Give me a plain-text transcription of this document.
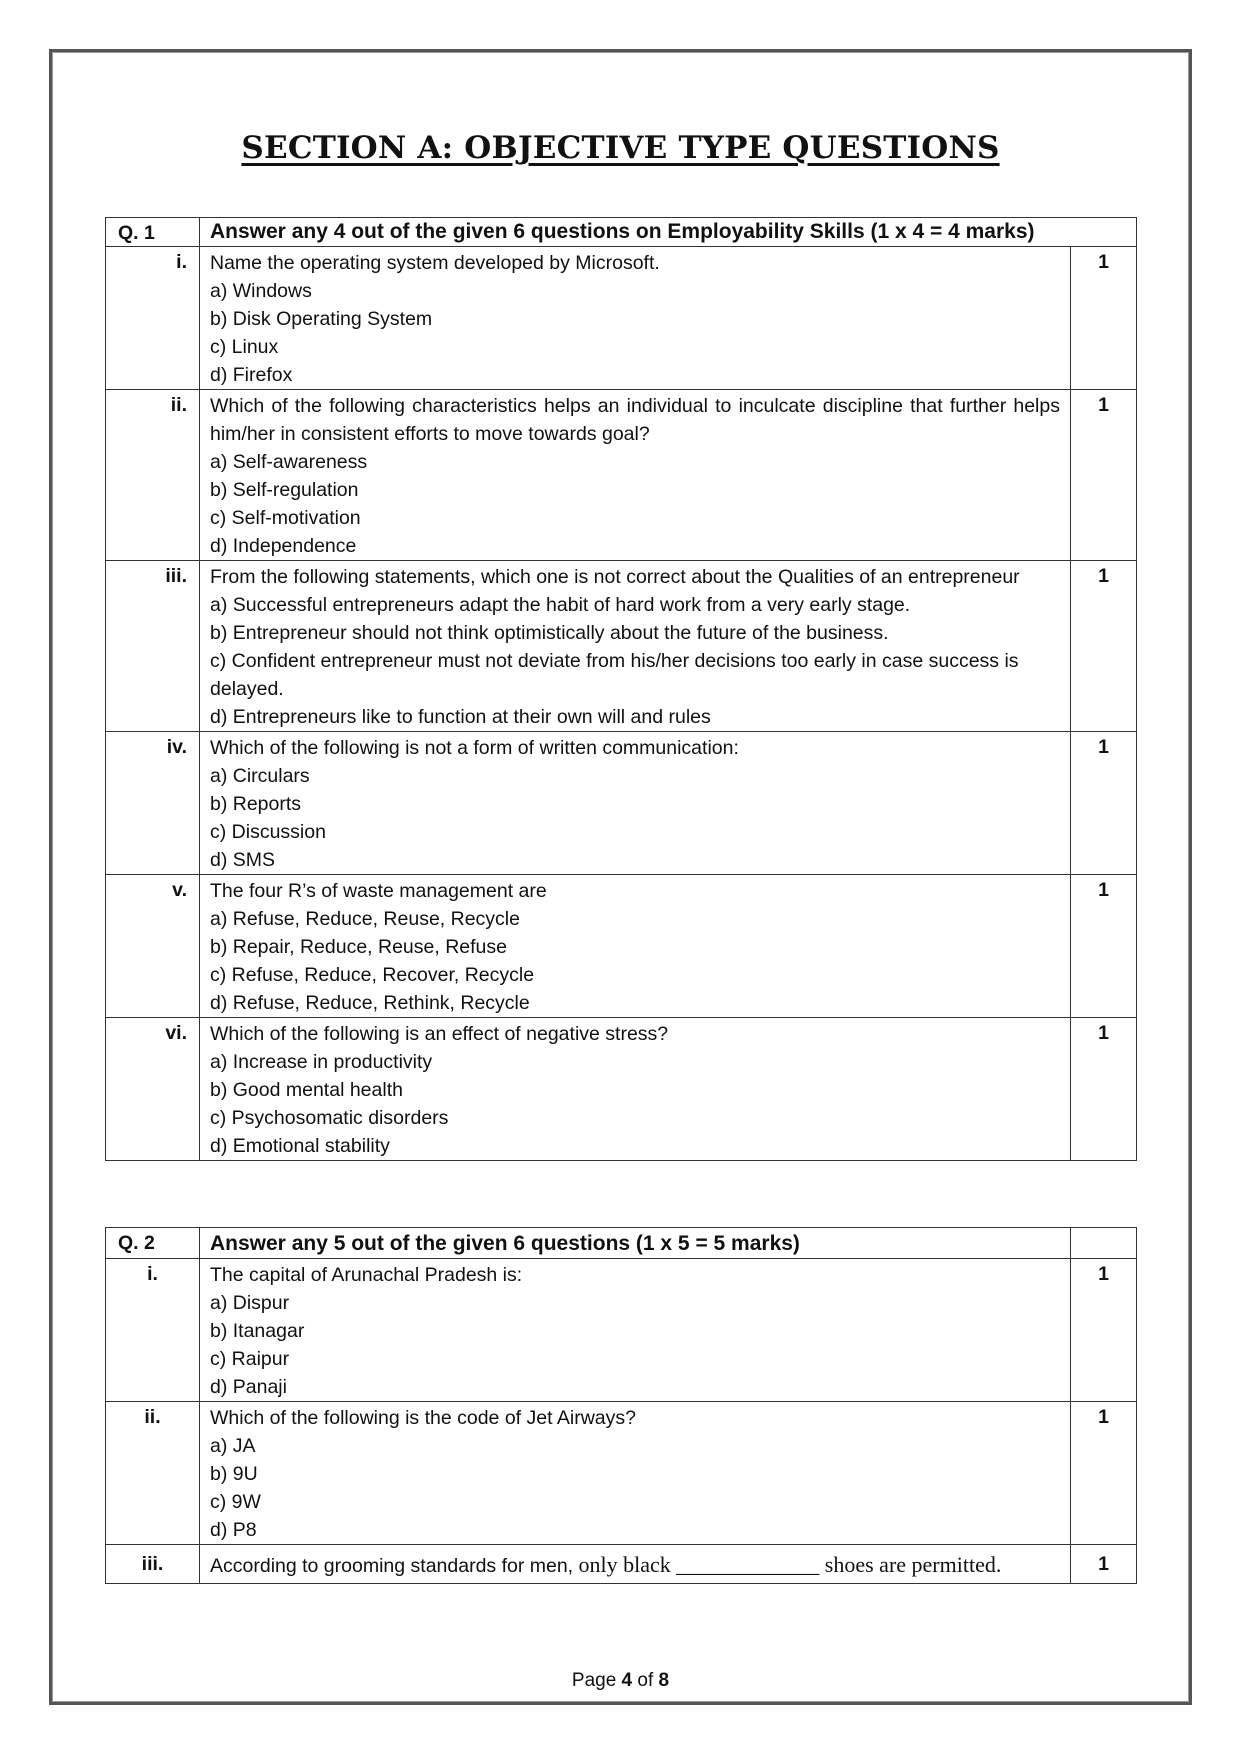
SECTION A: OBJECTIVE TYPE QUESTIONS
Q. 1	Answer any 4 out of the given 6 questions on Employability Skills (1 x 4 = 4 marks)	

i.	Name the operating system developed by Microsoft.
a) Windows
b) Disk Operating System
c) Linux
d) Firefox	1
ii.	Which of the following characteristics helps an individual to inculcate discipline that further helps him/her in consistent efforts to move towards goal?
a) Self-awareness
b) Self-regulation
c) Self-motivation
d) Independence	1
iii.	From the following statements, which one is not correct about the Qualities of an entrepreneur
a) Successful entrepreneurs adapt the habit of hard work from a very early stage.
b) Entrepreneur should not think optimistically about the future of the business.
c) Confident entrepreneur must not deviate from his/her decisions too early in case success is delayed.
d) Entrepreneurs like to function at their own will and rules	1
iv.	Which of the following is not a form of written communication:
a) Circulars
b) Reports
c) Discussion
d) SMS	1
v.	The four R’s of waste management are
a) Refuse, Reduce, Reuse, Recycle
b) Repair, Reduce, Reuse, Refuse
c) Refuse, Reduce, Recover, Recycle
d) Refuse, Reduce, Rethink, Recycle	1
vi.	Which of the following is an effect of negative stress?
a) Increase in productivity
b) Good mental health
c) Psychosomatic disorders
d) Emotional stability	1
Q. 2	Answer any 5 out of the given 6 questions (1 x 5 = 5 marks)	

i.	The capital of Arunachal Pradesh is:
a) Dispur
b) Itanagar
c) Raipur
d) Panaji	1
ii.	Which of the following is the code of Jet Airways?
a) JA
b) 9U
c) 9W
d) P8	1
iii.	According to grooming standards for men, only black _____________ shoes are permitted.	1
Page 4 of 8
